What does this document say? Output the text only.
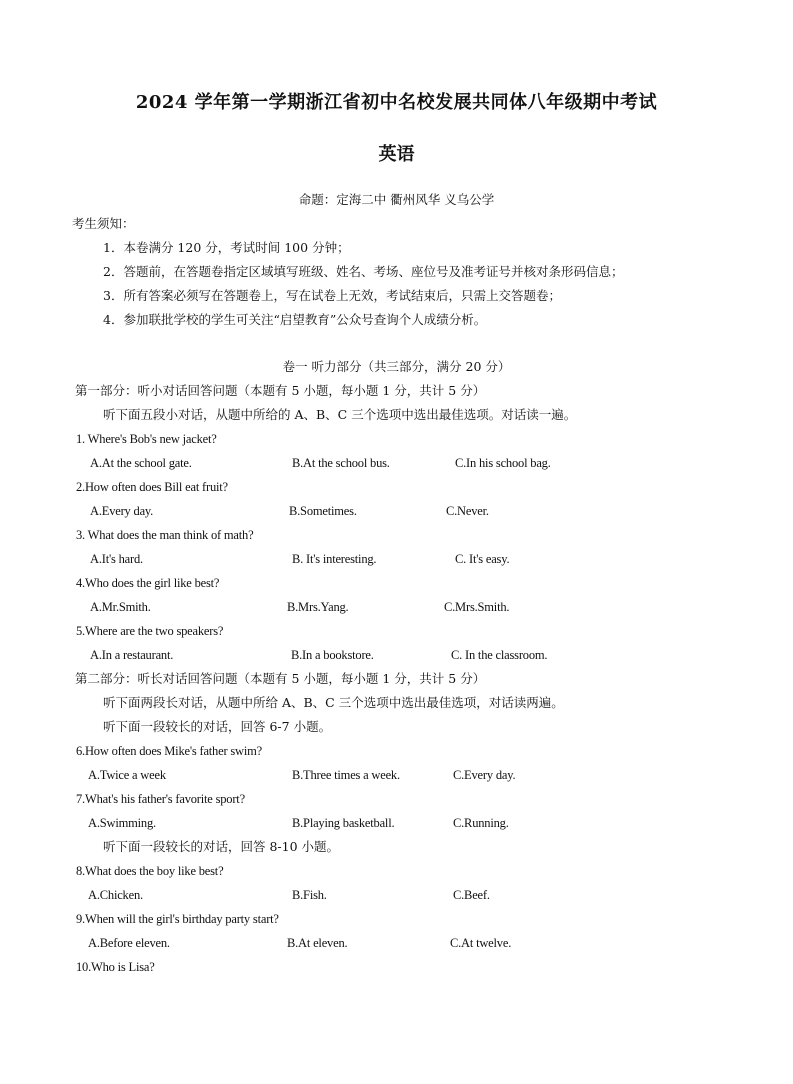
2024 学年第一学期浙江省初中名校发展共同体八年级期中考试
英语
命题：定海二中 衢州风华 义乌公学
考生须知：
1．本卷满分 120 分，考试时间 100 分钟；
2．答题前，在答题卷指定区域填写班级、姓名、考场、座位号及准考证号并核对条形码信息；
3．所有答案必须写在答题卷上，写在试卷上无效，考试结束后，只需上交答题卷；
4．参加联批学校的学生可关注“启望教育”公众号查询个人成绩分析。
卷一 听力部分（共三部分，满分 20 分）
第一部分：听小对话回答问题（本题有 5 小题，每小题 1 分，共计 5 分）
听下面五段小对话，从题中所给的 A、B、C 三个选项中选出最佳选项。对话读一遍。
1. Where's Bob's new jacket?
A.At the school gate.	B.At the school bus.	C.In his school bag.
2.How often does Bill eat fruit?
A.Every day.	B.Sometimes.	C.Never.
3. What does the man think of math?
A.It's hard.	B. It's interesting.	C. It's easy.
4.Who does the girl like best?
A.Mr.Smith.	B.Mrs.Yang.	C.Mrs.Smith.
5.Where are the two speakers?
A.In a restaurant.	B.In a bookstore.	C. In the classroom.
第二部分：听长对话回答问题（本题有 5 小题，每小题 1 分，共计 5 分）
听下面两段长对话，从题中所给 A、B、C 三个选项中选出最佳选项，对话读两遍。
听下面一段较长的对话，回答 6-7 小题。
6.How often does Mike's father swim?
A.Twice a week	B.Three times a week.	C.Every day.
7.What's his father's favorite sport?
A.Swimming.	B.Playing basketball.	C.Running.
听下面一段较长的对话，回答 8-10 小题。
8.What does the boy like best?
A.Chicken.	B.Fish.	C.Beef.
9.When will the girl's birthday party start?
A.Before eleven.	B.At eleven.	C.At twelve.
10.Who is Lisa?
